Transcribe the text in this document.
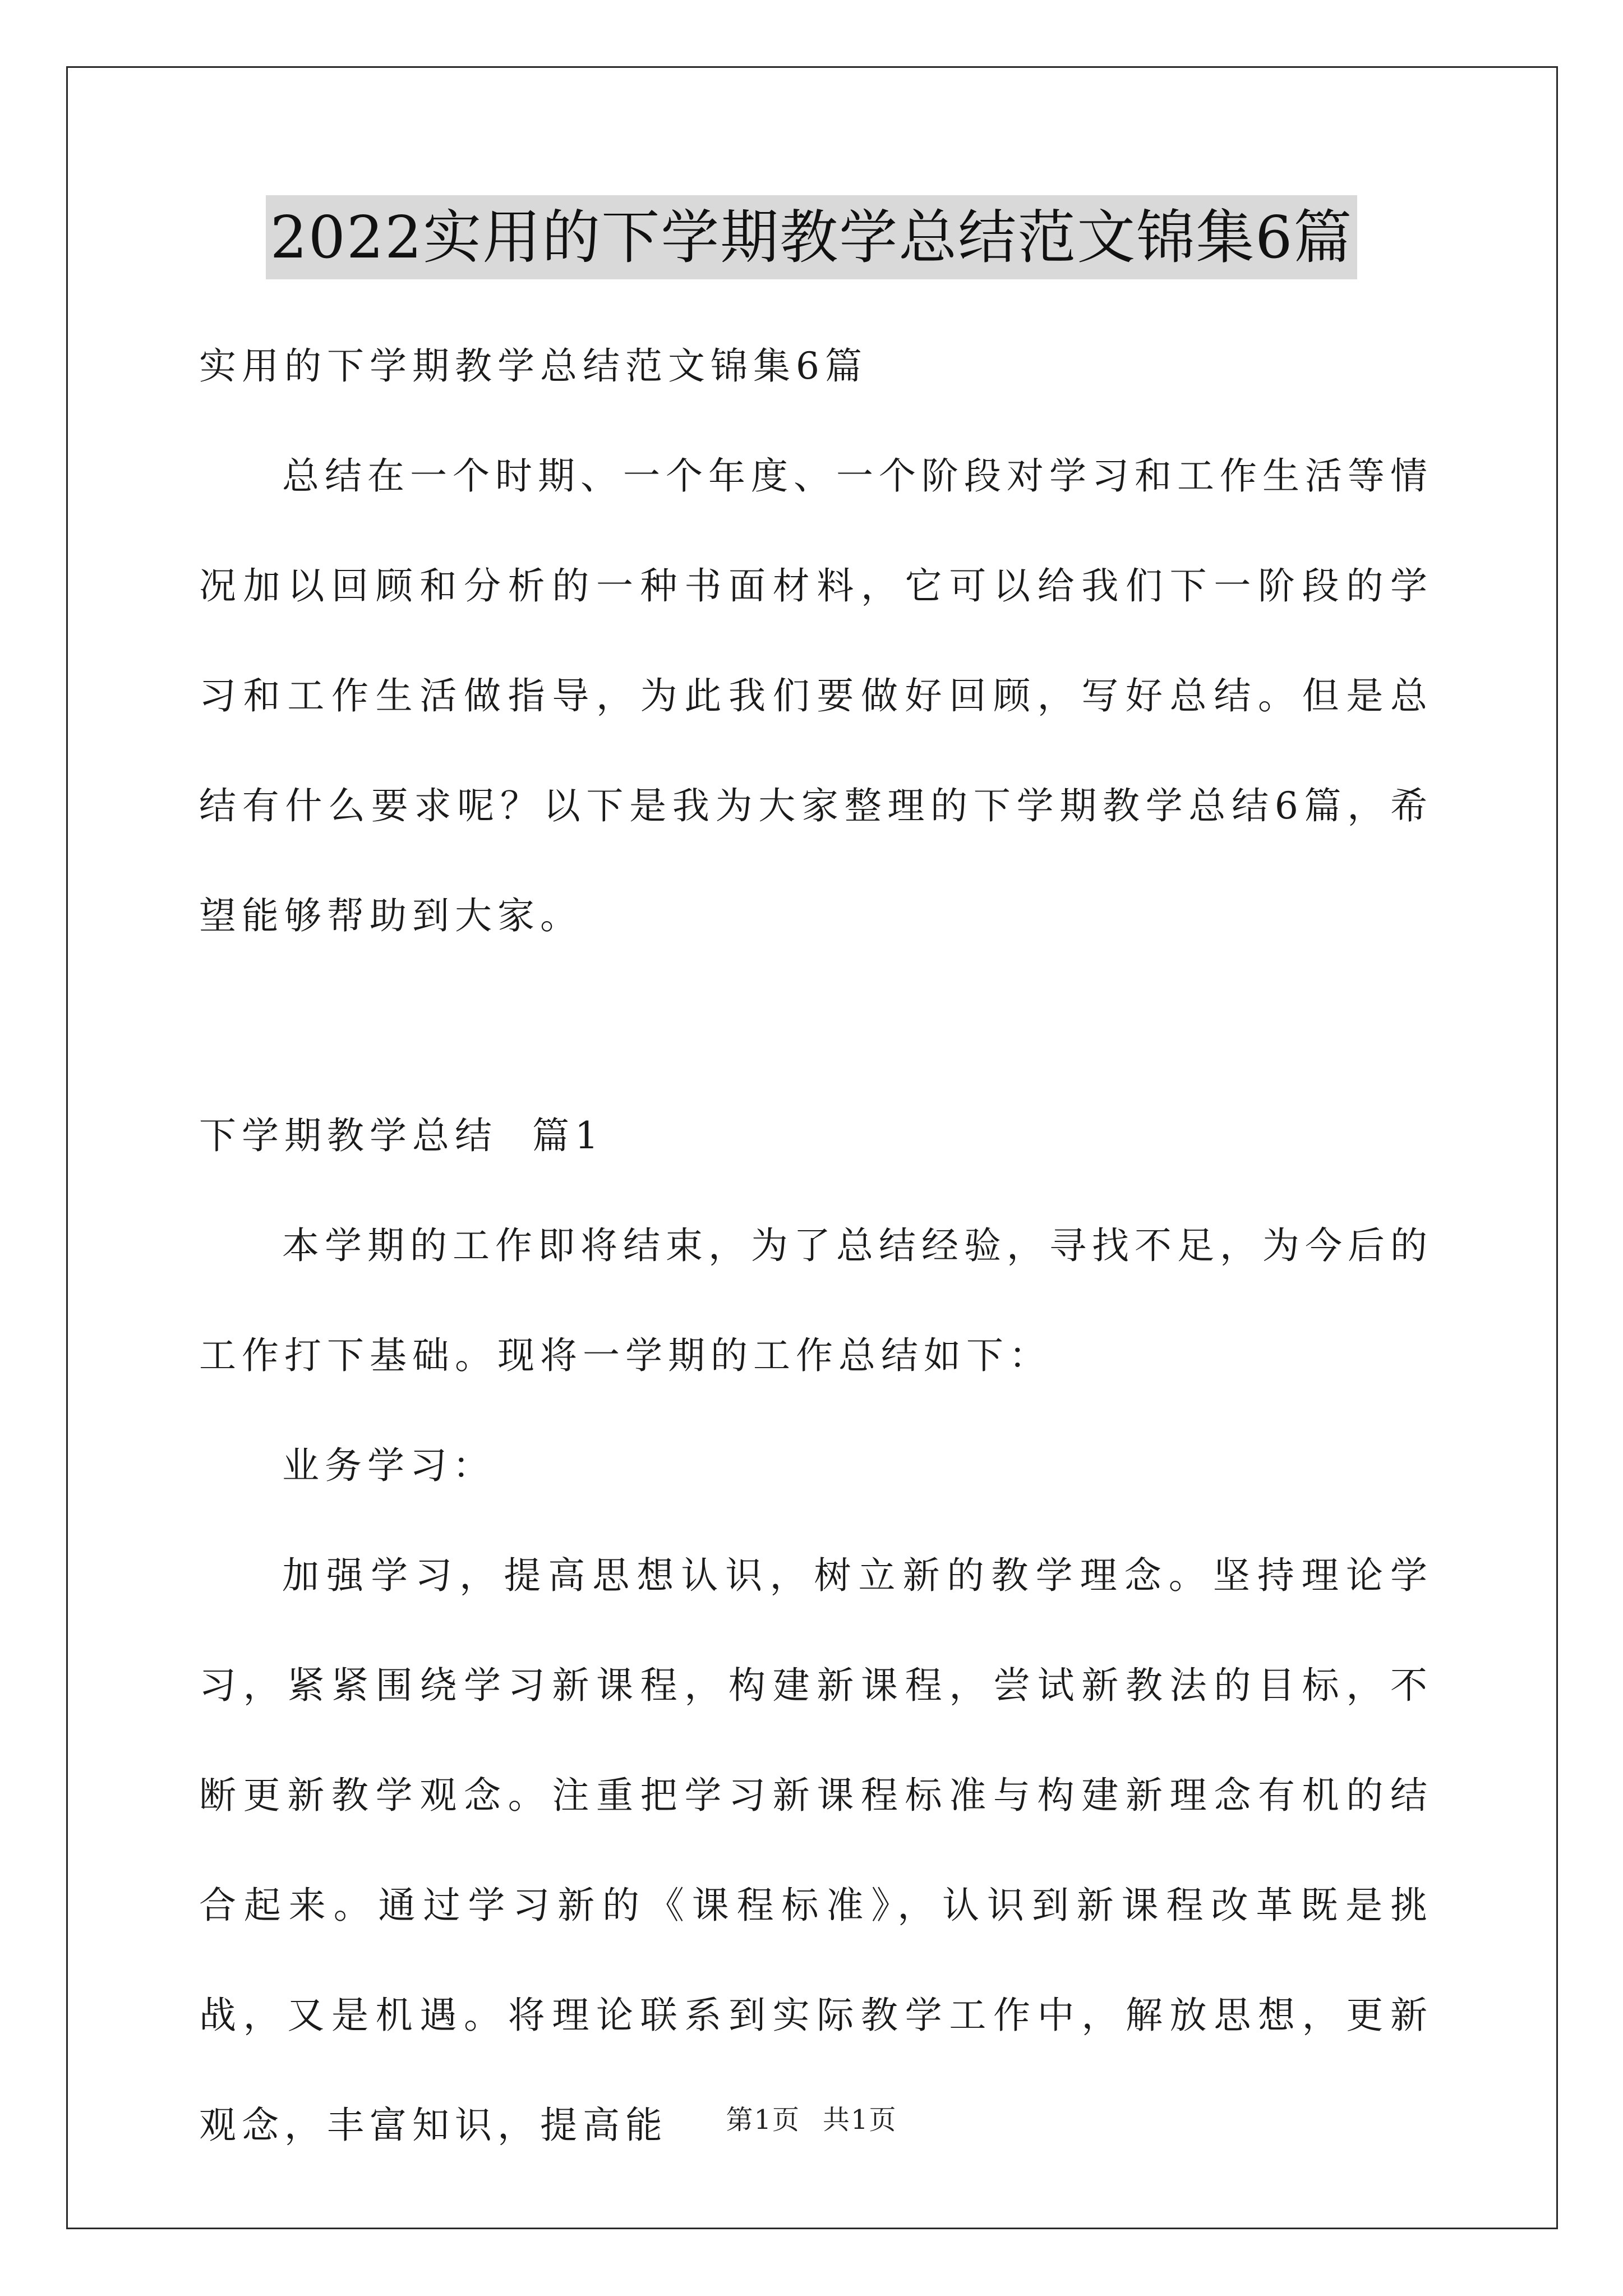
2022实用的下学期教学总结范文锦集6篇

实用的下学期教学总结范文锦集6篇

总结在一个时期、一个年度、一个阶段对学习和工作生活等情况加以回顾和分析的一种书面材料，它可以给我们下一阶段的学习和工作生活做指导，为此我们要做好回顾，写好总结。但是总结有什么要求呢？以下是我为大家整理的下学期教学总结6篇，希望能够帮助到大家。

下学期教学总结  篇1

本学期的工作即将结束，为了总结经验，寻找不足，为今后的工作打下基础。现将一学期的工作总结如下：

业务学习：

加强学习，提高思想认识，树立新的教学理念。坚持理论学习，紧紧围绕学习新课程，构建新课程，尝试新教法的目标，不断更新教学观念。注重把学习新课程标准与构建新理念有机的结合起来。通过学习新的《课程标准》，认识到新课程改革既是挑战，又是机遇。将理论联系到实际教学工作中，解放思想，更新观念，丰富知识，提高能	第1页 共1页
